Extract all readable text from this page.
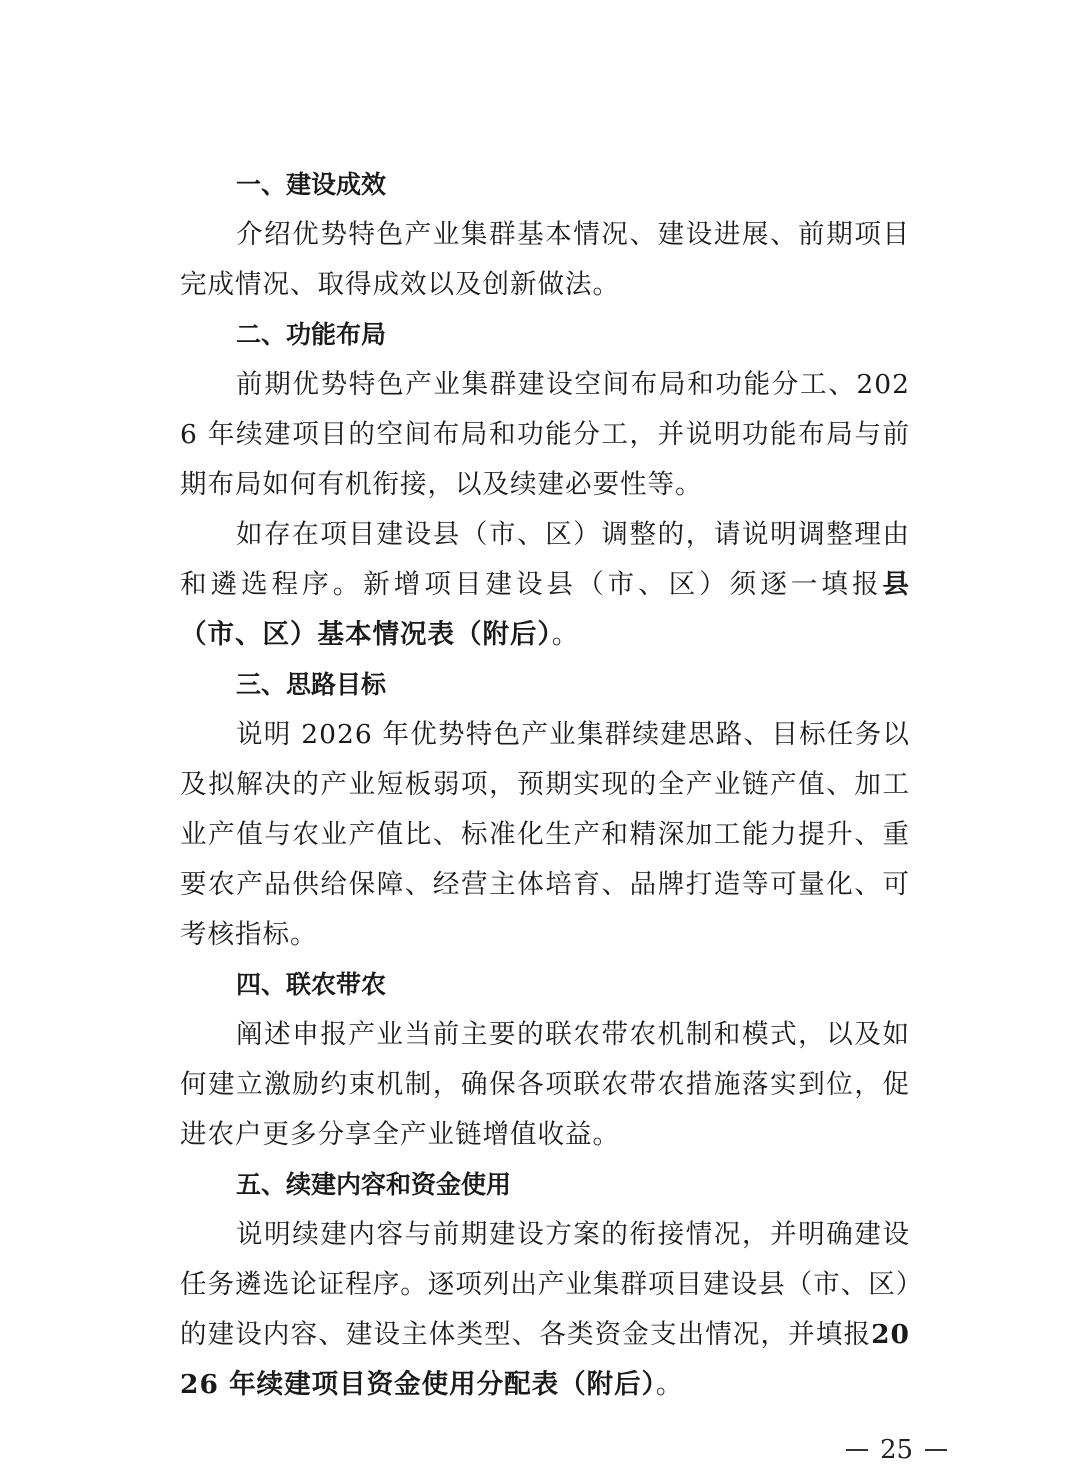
一、建设成效

介绍优势特色产业集群基本情况、建设进展、前期项目完成情况、取得成效以及创新做法。

二、功能布局

前期优势特色产业集群建设空间布局和功能分工、2026 年续建项目的空间布局和功能分工，并说明功能布局与前期布局如何有机衔接，以及续建必要性等。

如存在项目建设县（市、区）调整的，请说明调整理由和遴选程序。新增项目建设县（市、区）须逐一填报县（市、区）基本情况表（附后）。

三、思路目标

说明 2026 年优势特色产业集群续建思路、目标任务以及拟解决的产业短板弱项，预期实现的全产业链产值、加工业产值与农业产值比、标准化生产和精深加工能力提升、重要农产品供给保障、经营主体培育、品牌打造等可量化、可考核指标。

四、联农带农

阐述申报产业当前主要的联农带农机制和模式，以及如何建立激励约束机制，确保各项联农带农措施落实到位，促进农户更多分享全产业链增值收益。

五、续建内容和资金使用

说明续建内容与前期建设方案的衔接情况，并明确建设任务遴选论证程序。逐项列出产业集群项目建设县（市、区）的建设内容、建设主体类型、各类资金支出情况，并填报2026 年续建项目资金使用分配表（附后）。

25
